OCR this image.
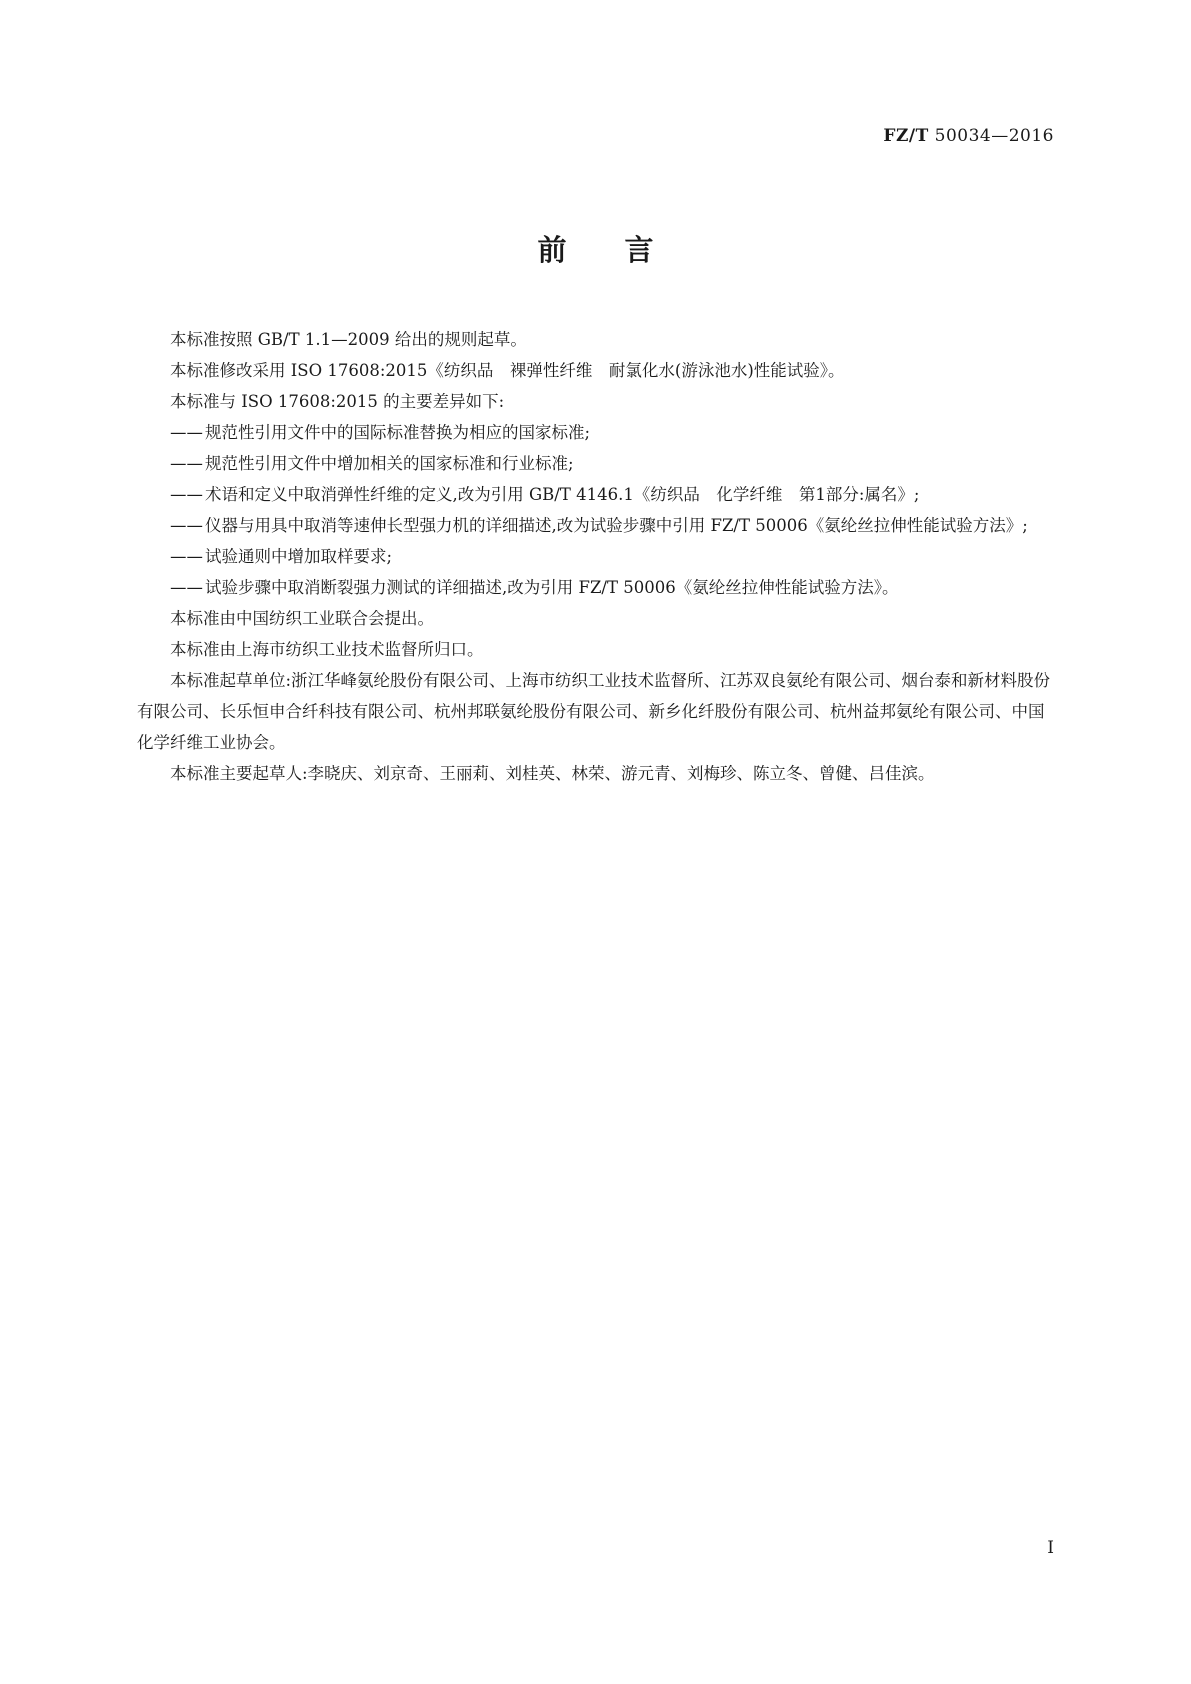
FZ/T 50034—2016
前 言

本标准按照 GB/T 1.1—2009 给出的规则起草。

本标准修改采用 ISO 17608:2015《纺织品　裸弹性纤维　耐氯化水(游泳池水)性能试验》。

本标准与 ISO 17608:2015 的主要差异如下:

—— 规范性引用文件中的国际标准替换为相应的国家标准;
—— 规范性引用文件中增加相关的国家标准和行业标准;
—— 术语和定义中取消弹性纤维的定义,改为引用 GB/T 4146.1《纺织品　化学纤维　第1部分:属名》;
—— 仪器与用具中取消等速伸长型强力机的详细描述,改为试验步骤中引用 FZ/T 50006《氨纶丝拉伸性能试验方法》;
—— 试验通则中增加取样要求;
—— 试验步骤中取消断裂强力测试的详细描述,改为引用 FZ/T 50006《氨纶丝拉伸性能试验方法》。

本标准由中国纺织工业联合会提出。

本标准由上海市纺织工业技术监督所归口。

本标准起草单位:浙江华峰氨纶股份有限公司、上海市纺织工业技术监督所、江苏双良氨纶有限公司、烟台泰和新材料股份有限公司、长乐恒申合纤科技有限公司、杭州邦联氨纶股份有限公司、新乡化纤股份有限公司、杭州益邦氨纶有限公司、中国化学纤维工业协会。

本标准主要起草人:李晓庆、刘京奇、王丽莉、刘桂英、林荣、游元青、刘梅珍、陈立冬、曾健、吕佳滨。

I
